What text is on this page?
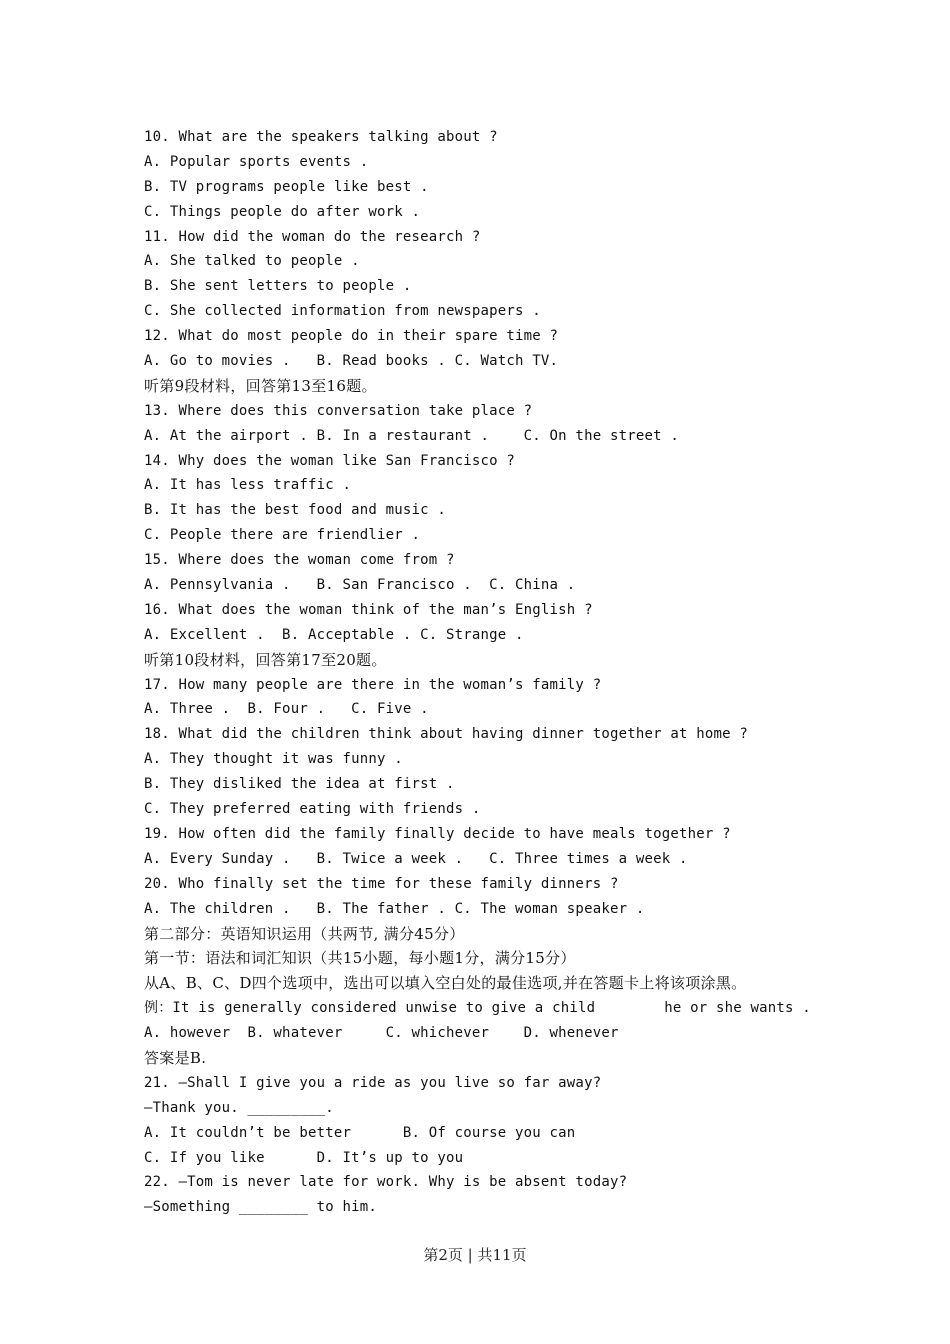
10. What are the speakers talking about ?
A. Popular sports events .
B. TV programs people like best .
C. Things people do after work .
11. How did the woman do the research ?
A. She talked to people .
B. She sent letters to people .
C. She collected information from newspapers .
12. What do most people do in their spare time ?
A. Go to movies .   B. Read books . C. Watch TV.
听第9段材料，回答第13至16题。
13. Where does this conversation take place ?
A. At the airport . B. In a restaurant .    C. On the street .
14. Why does the woman like San Francisco ?
A. It has less traffic .
B. It has the best food and music .
C. People there are friendlier .
15. Where does the woman come from ?
A. Pennsylvania .   B. San Francisco .  C. China .
16. What does the woman think of the man’s English ?
A. Excellent .  B. Acceptable . C. Strange .
听第10段材料，回答第17至20题。
17. How many people are there in the woman’s family ?
A. Three .  B. Four .   C. Five .
18. What did the children think about having dinner together at home ?
A. They thought it was funny .
B. They disliked the idea at first .
C. They preferred eating with friends .
19. How often did the family finally decide to have meals together ?
A. Every Sunday .   B. Twice a week .   C. Three times a week .
20. Who finally set the time for these family dinners ?
A. The children .   B. The father . C. The woman speaker .
第二部分：英语知识运用（共两节, 满分45分）
第一节：语法和词汇知识（共15小题，每小题1分，满分15分）
从A、B、C、D四个选项中，选出可以填入空白处的最佳选项,并在答题卡上将该项涂黑。
例：It is generally considered unwise to give a child        he or she wants .
A. however  B. whatever     C. whichever    D. whenever
答案是B.
21. —Shall I give you a ride as you live so far away?
—Thank you. _________.
A. It couldn’t be better      B. Of course you can
C. If you like      D. It’s up to you
22. —Tom is never late for work. Why is be absent today?
—Something ________ to him.
第2页 | 共11页
